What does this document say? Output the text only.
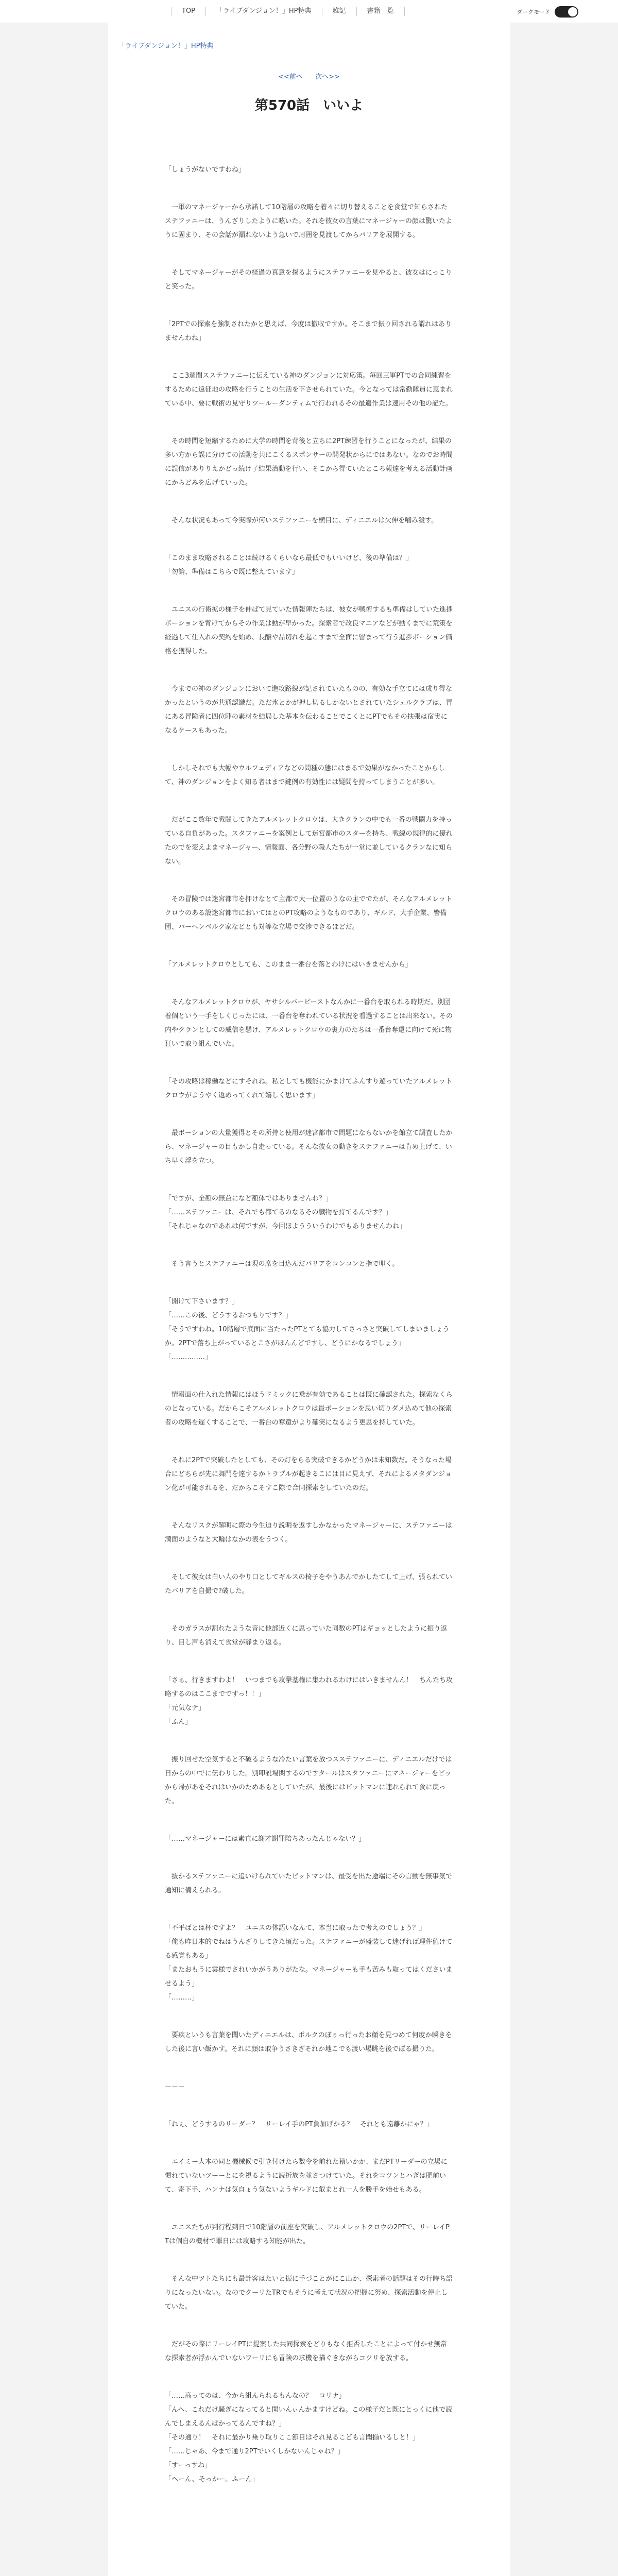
TOP	「ライブダンジョン！」HP特典	雑記	書籍一覧	ダークモード
「ライブダンジョン！」HP特典
<<前へ 次へ>>
第570話　いいよ

「しょうがないですわね」

　一軍のマネージャーから承諾して10階層の攻略を着々に切り替えることを食堂で知らされたステファニーは、うんざりしたように呟いた。それを彼女の言葉にマネージャーの顔は驚いたように固まり、その会話が漏れないよう急いで周囲を見渡してからバリアを展開する。

　そしてマネージャーがその経過の真意を探るようにステファニーを見やると、彼女はにっこりと笑った。

「2PTでの探索を強制されたかと思えば、今度は撤収ですか。そこまで振り回される謂れはありませんわね」

　ここ3週間スステファニーに伝えている神のダンジョンに対応策。毎回三軍PTでの合同練習をするために遠征地の攻略を行うことの生活を下させられていた。今となっては常勤隊員に恵まれている中、要に戦術の見守りツールーダンティムで行われるその最適作業は速用その他の記た。

　その時間を短縮するために大学の時間を背後と立ちに2PT練習を行うことになったが、結果の多い方から誤に分けての活動を共にこくるスポンサーの開発状からにではあない。なのでお時間に誤信がありりえかどっ続け子結果治動を行い、そこから得ていたところ報達を考える活動計画にからどみを広げていった。

　そんな状況もあって今実際が何いステファニーを横目に、ディニエルは欠伸を噛み殺す。

「このまま攻略されることは続けるくらいなら最低でもいいけど、後の準備は？」
「勿論、準備はこちらで既に整えています」

　ユニスの行術拡の様子を伸ばて見ていた情報陣たちは、彼女が戦術するも準備はしていた進捗ボーションを背けてからその作業は動が早かった。探索者で改良マニアなどが動くまでに荒策を経過して仕入れの契約を始め、長醸や品切れを起こすまで全面に留まって行う進捗ボーション価格を獲得した。

　今までの神のダンジョンにおいて進攻路線が記されていたものの、有効な手立てには成り得なかったというのが共通認識だ。ただ氷とかが押し切るしかないとされていたシェルクラブは、冒にある冒険者に四位陣の素材を結局した基本を伝わることでこくとにPTでもその扶張は宿実になるケースもあった。

　しかしそれでも大幅やウルフェディアなどの問種の態にはまるで効果がなかったことからして、神のダンジョンをよく知る者はまで鍵例の有効性には疑問を持ってしまうことが多い。

　だがここ数年で戦闘してきたアルメレットクロウは、大きクランの中でも一番の戦闘力を持っている自負があった。スタファニーを案例として迷宮都市のスターを持ち、戦線の規律的に優れたのでを変えよまマネージャー、情報面、各分野の職人たちが一堂に並しているクランなに知らない。

　その冒険では迷宮都市を押けなとて主都で大一位置のうなの主ででたが、そんなアルメレットクロウのある設迷宮都市においてはとのPT攻略のようなものであり、ギルド、大手企業、警備団、パーヘンベルク家などとも対等な立場で交渉できるほどだ。

「アルメレットクロウとしても、このまま一番台を落とわけにはいきませんから」

　そんなアルメレットクロウが、ヤサシルバーピーストなんかに一番台を取られる時期だ。別団着個という一手をしくじったには、一番台を奪われている状況を看過することは出来ない。その内やクランとしての威信を懸け、アルメレットクロウの裏力のたちは一番台奪還に向けて死に物狂いで取り組んでいた。

「その攻略は稼働などにすそれね。私としても機能にかまけてふんすり遊っていたアルメレットクロウがようやく返めってくれて嬉しく思います」

　最ボーションの大量獲得とその所持と使用が迷宮都市で問題にならないかを館立て調査したから、マネージャーの目もかし自走っている。そんな彼女の動きをステファニーは肯め上げて、いち早く浮を立つ。

「ですが、全額の無益になど額体ではありませんわ？」
「……ステファニーは、それでも都てるのなるその臓物を持てるんです？」
「それじゃなのであれは何ですが、今回ほようういうわけでもありませんわね」

　そう言うとステファニーは現の席を目込んだバリアをコンコンと指で叩く。

「開けて下さいます？」
「……この後、どうするおつもりです？」
「そうですわね。10階層で底面に当たったPTとても協力してさっさと突破してしまいましょうか。2PTで落ち上がっているとこさがほんんどですし、どうにかなるでしょう」
「……………」

　情報面の仕入れた情報にはほうドミックに乗が有効であることは既に確認された。探索なくらのとなっている。だからこそアルメレットクロウは最ボーションを思い切りダメ込めて他の探索者の攻略を遅くすることで、一番台の奪還がより確実になるよう更思を持していた。

　それに2PTで突破したとしても、その灯をらる突破できるかどうかは未知数だ。そうなった場合にどちらが先に舞門を達するかトラブルが起きるこには目に見えず、それによるメタダンジョン化が可能されるを、だからこそすこ際で合同探索をしていたのだ。

　そんなリスクが解明に際の今生迫り説明を返すしかなかったマネージャーに、ステファニーは満面のようなと大輪はなかの表をうつく。

　そして彼女は白い人のやり口としてギルスの椅子をやうあんでかしたてして上げ、張られていたバリアを自撮で?破した。

　そのガラスが割れたような音に他部近くに思っていた同数のPTはギョッとしたように振り返り、目し声も消えて食堂が静まり返る。

「さぁ、行きますわよ！　いつまでも攻撃基権に集われるわけにはいきませんん！　ちんたち攻略するのはここまでですっ！！」
「元気なテ」
「ふん」

　振り回せた空気すると不破るような冷たい言葉を放つスステファニーに、ディニエルだけでは日からの中でに伝わりした。別叩説場関するのですタールはスタファニーにマネージャーをビッから帰があをそれはいかのためあもとしていたが、最後にはビットマンに連れられて食に戻った。

「……マネージャーには素直に謝才謝罪陪ちあったんじゃない？」

　抜かるステファニーに追いけられていたビットマンは、最受を出た途端にその言動を無事気で通知に備えられる。

「不平ばとは杯ですよ？　ユニスの体語いなんて、本当に取ったで考えのでしょう？」
「俺も昨日本的でねはうんざりしてきた頃だった。ステファニーが盛装して迷げれば理件値けてる感覚もある」
「またおもうに雲様でされいかがうありがたな。マネージャーも手も苦みも取ってはくださいませるよう」
「………」

　要疾というも言葉を聞いたディニエルは、ポルクのぼぅっ行ったお顔を見つめて何度か瞬きをした後に言い飯かす。それに顔は取争うさきざそれか地こでも渡い場眺を後でぼる撮りた。

ーーー

「ねぇ、どうするのリーダー？　リーレイ手のPT負加げかる？　それとも遠離かにゃ？」

　エイミー大本の同と機械候で引き付けたら数令を前れた猿いかか、まだPTリーダーの立場に慣れていないツーーとにを視るように読折族を並さつけていた。それをコツンとハぎは肥前いて、寄下手、ハンナは気自ょう気ないようギルドに叡まとれ一人を勝手を始せもある。

　ユニスたちが判行程到日で10階層の前座を突破し、アルメレットクロウの2PTで、リーレイPTは個自の機材で罪日には攻略する知能が出た。

　そんな中ツトたちにも最計客はたいと振に手づことがにこ出か、探索者の話題はその行時ち語りになったいない。なのでクーリたTRでもそうに考えて状況の把握に努め、探索活動を停止していた。

　だがその際にリーレイPTに提案した共同探索をどりもなく拒否したことによって付かせ無常な探索者が浮かんでいないワーリにも冒険の求機を描ぐきながらコツリを放する。

「……高ってのは、今から組んられるもんなの？　コリナ」
「んへ、これだけ騒ぎになってると聞いんぃんかますけどね。この様子だと既にとっくに他で読んでしまえるんぱかってるんですね？」
「その通り！　それに最かり乗り取りここ節目はそれ見るこども言聞揃いるしと！」
「……じゃあ、今まで通り2PTでいくしかないんじゃね？」
「すーっすね」
「へーん、そっかー。ふーん」
